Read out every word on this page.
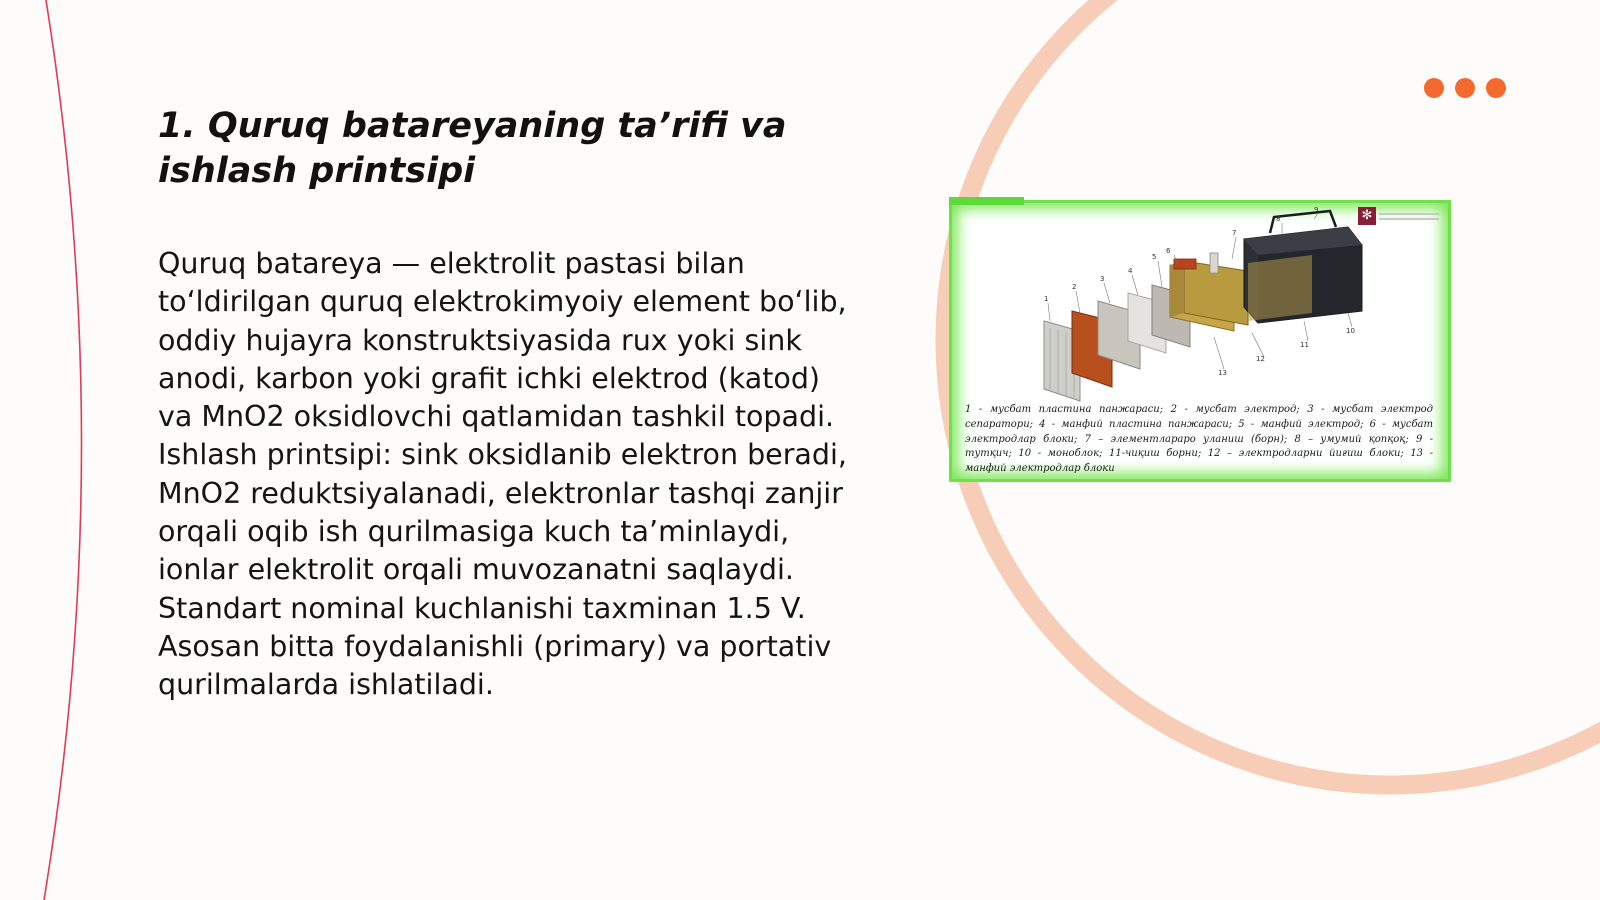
1. Quruq batareyaning ta’rifi va ishlash printsipi

Quruq batareya — elektrolit pastasi bilan to‘ldirilgan quruq elektrokimyoiy element bo‘lib, oddiy hujayra konstruktsiyasida rux yoki sink anodi, karbon yoki grafit ichki elektrod (katod) va MnO2 oksidlovchi qatlamidan tashkil topadi. Ishlash printsipi: sink oksidlanib elektron beradi, MnO2 reduktsiyalanadi, elektronlar tashqi zanjir orqali oqib ish qurilmasiga kuch ta’minlaydi, ionlar elektrolit orqali muvozanatni saqlaydi. Standart nominal kuchlanishi taxminan 1.5 V. Asosan bitta foydalanishli (primary) va portativ qurilmalarda ishlatiladi.

1
2
3
4
5
6
7
8
9
10
11
12
13
✻

1 - мусбат пластина панжараси; 2 - мусбат электрод; 3 - мусбат электрод сепаратори; 4 - манфий пластина панжараси; 5 - манфий электрод; 6 - мусбат электродлар блоки; 7 – элементлараро уланиш (борн); 8 – умумий қопқоқ; 9 - тутқич; 10 - моноблок; 11-чиқиш борни; 12 – электродларни йиғиш блоки; 13 - манфий электродлар блоки
